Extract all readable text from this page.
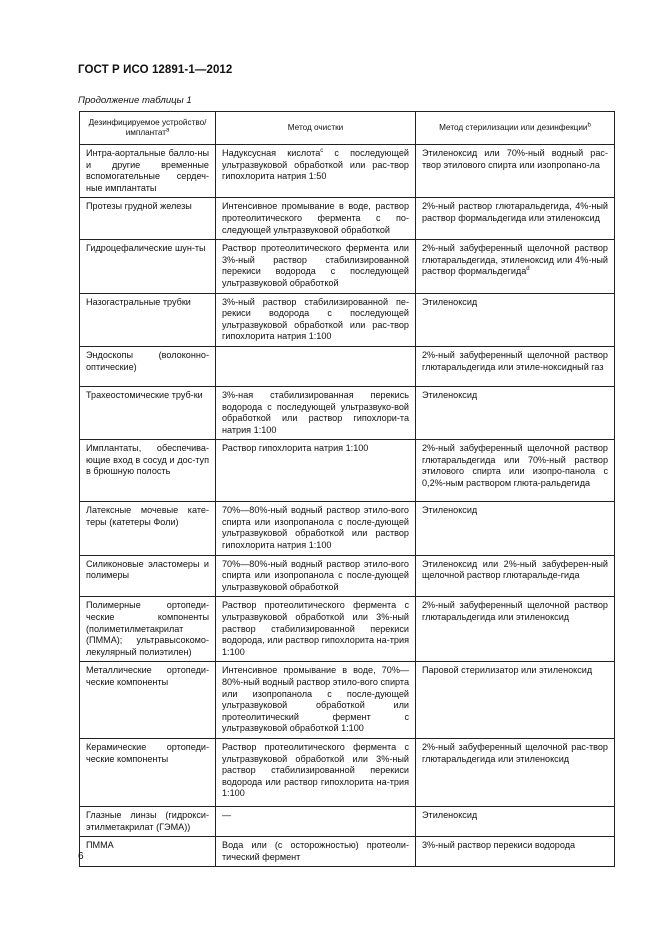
ГОСТ Р ИСО 12891-1—2012
Продолжение таблицы 1
Дезинфицируемое устройство/имплантат$^a$	Метод очистки	Метод стерилизации или дезинфекции$^b$
Интра-аортальные балло-ны и другие временные вспомогательные сердеч-ные имплантаты	Надуксусная кислота$^с$ с последующей ультразвуковой обработкой или рас-твор гипохлорита натрия 1:50	Этиленоксид или 70%-ный водный рас-твор этилового спирта или изопропано-ла
Протезы грудной железы	Интенсивное промывание в воде, раствор протеолитического фермента с по-следующей ультразвуковой обработкой	2%-ный раствор глютаральдегида, 4%-ный раствор формальдегида или этиленоксид
Гидроцефалические шун-ты	Раствор протеолитического фермента или 3%-ный раствор стабилизированной перекиси водорода с последующей ультразвуковой обработкой	2%-ный забуференный щелочной раствор глютаральдегида, этиленоксид или 4%-ный раствор формальдегида$^d$
Назогастральные трубки	3%-ный раствор стабилизированной пе-рекиси водорода с последующей ультразвуковой обработкой или рас-твор гипохлорита натрия 1:100	Этиленоксид
Эндоскопы (волоконно-оптические)		2%-ный забуференный щелочной раствор глютаральдегида или этиле-ноксидный газ
Трахеостомические труб-ки	3%-ная стабилизированная перекись водорода с последующей ультразвуко-вой обработкой или раствор гипохлори-та натрия 1:100	Этиленоксид
Имплантаты, обеспечива-ющие вход в сосуд и дос-туп в брюшную полость	Раствор гипохлорита натрия 1:100	2%-ный забуференный щелочной раствор глютаральдегида или 70%-ный раствор этилового спирта или изопро-панола с 0,2%-ным раствором глюта-ральдегида
Латексные мочевые кате-теры (катетеры Фоли)	70%—80%-ный водный раствор этило-вого спирта или изопропанола с после-дующей ультразвуковой обработкой или раствор гипохлорита натрия 1:100	Этиленоксид
Силиконовые эластомеры и полимеры	70%—80%-ный водный раствор этило-вого спирта или изопропанола с после-дующей ультразвуковой обработкой	Этиленоксид или 2%-ный забуферен-ный щелочной раствор глютаральде-гида
Полимерные ортопеди-ческие компоненты (полиметилметакрилат (ПММА); ультравысокомо-лекулярный полиэтилен)	Раствор протеолитического фермента с ультразвуковой обработкой или 3%-ный раствор стабилизированной перекиси водорода, или раствор гипохлорита на-трия 1:100	2%-ный забуференный щелочной раствор глютаральдегида или этиленоксид
Металлические ортопеди-ческие компоненты	Интенсивное промывание в воде, 70%—80%-ный водный раствор этило-вого спирта или изопропанола с после-дующей ультразвуковой обработкой или протеолитический фермент с ультразвуковой обработкой 1:100	Паровой стерилизатор или этиленоксид
Керамические ортопеди-ческие компоненты	Раствор протеолитического фермента с ультразвуковой обработкой или 3%-ный раствор стабилизированной перекиси водорода или раствор гипохлорита на-трия 1:100	2%-ный забуференный щелочной рас-твор глютаральдегида или этиленоксид
Глазные линзы (гидрокси-этилметакрилат (ГЭМА))	—	Этиленоксид
ПММА	Вода или (с осторожностью) протеоли-тический фермент	3%-ный раствор перекиси водорода
6
